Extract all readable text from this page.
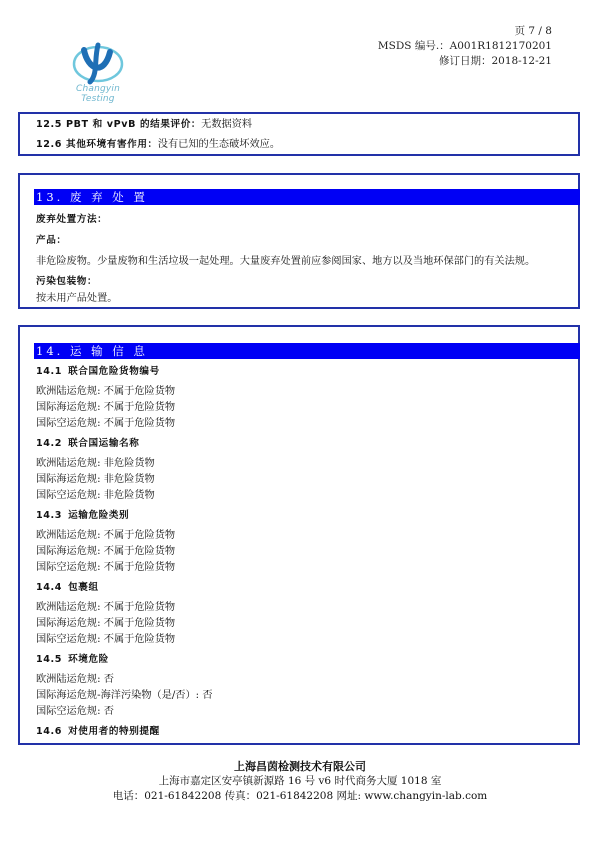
Changyin Testing
页 7 / 8
MSDS 编号.：A001R1812170201
修订日期：2018-12-21
12.5 PBT 和 vPvB 的结果评价：无数据资料
12.6 其他环境有害作用：没有已知的生态破坏效应。
13. 废 弃 处 置
废弃处置方法：
产品：
非危险废物。少量废物和生活垃圾一起处理。大量废弃处置前应参阅国家、地方以及当地环保部门的有关法规。
污染包装物：
按未用产品处置。
14. 运 输 信 息
14.1 联合国危险货物编号
欧洲陆运危规: 不属于危险货物
国际海运危规: 不属于危险货物
国际空运危规: 不属于危险货物
14.2 联合国运输名称
欧洲陆运危规: 非危险货物
国际海运危规: 非危险货物
国际空运危规: 非危险货物
14.3 运输危险类别
欧洲陆运危规: 不属于危险货物
国际海运危规: 不属于危险货物
国际空运危规: 不属于危险货物
14.4 包裹组
欧洲陆运危规: 不属于危险货物
国际海运危规: 不属于危险货物
国际空运危规: 不属于危险货物
14.5 环境危险
欧洲陆运危规: 否
国际海运危规-海洋污染物（是/否）: 否
国际空运危规: 否
14.6 对使用者的特别提醒
上海昌茵检测技术有限公司
上海市嘉定区安亭镇新源路 16 号 v6 时代商务大厦 1018 室
电话：021-61842208 传真：021-61842208 网址: www.changyin-lab.com
